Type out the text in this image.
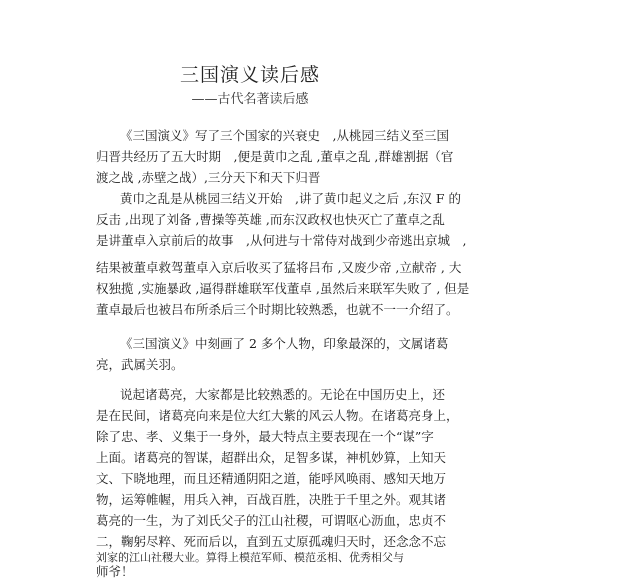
三国演义读后感
——古代名著读后感
《三国演义》写了三个国家的兴衰史　,从桃园三结义至三国
归晋共经历了五大时期　,便是黄巾之乱 ,董卓之乱 ,群雄割据（官
渡之战 ,赤壁之战）,三分天下和天下归晋
黄巾之乱是从桃园三结义开始　,讲了黄巾起义之后 ,东汉 F 的
反击 ,出现了刘备 ,曹操等英雄 ,而东汉政权也快灭亡了董卓之乱
是讲董卓入京前后的故事　,从何进与十常侍对战到少帝逃出京城　,
结果被董卓救驾董卓入京后收买了猛将吕布 ,又废少帝 ,立献帝 , 大
权独揽 ,实施暴政 ,逼得群雄联军伐董卓 ,虽然后来联军失败了 , 但是
董卓最后也被吕布所杀后三个时期比较熟悉，也就不一一介绍了。
《三国演义》中刻画了 2 多个人物，印象最深的，文属诸葛
亮，武属关羽。
说起诸葛亮，大家都是比较熟悉的。无论在中国历史上，还
是在民间，诸葛亮向来是位大红大紫的风云人物。在诸葛亮身上，
除了忠、孝、义集于一身外，最大特点主要表现在一个“谋”字
上面。诸葛亮的智谋，超群出众，足智多谋，神机妙算，上知天
文、下晓地理，而且还精通阴阳之道，能呼风唤雨、感知天地万
物，运筹帷幄，用兵入神，百战百胜，决胜于千里之外。观其诸
葛亮的一生，为了刘氏父子的江山社稷，可谓呕心沥血，忠贞不
二，鞠躬尽粹、死而后以，直到五丈原孤魂归天时，还念念不忘
刘家的江山社稷大业。算得上模范军师、模范丞相、优秀相父与
师爷！
